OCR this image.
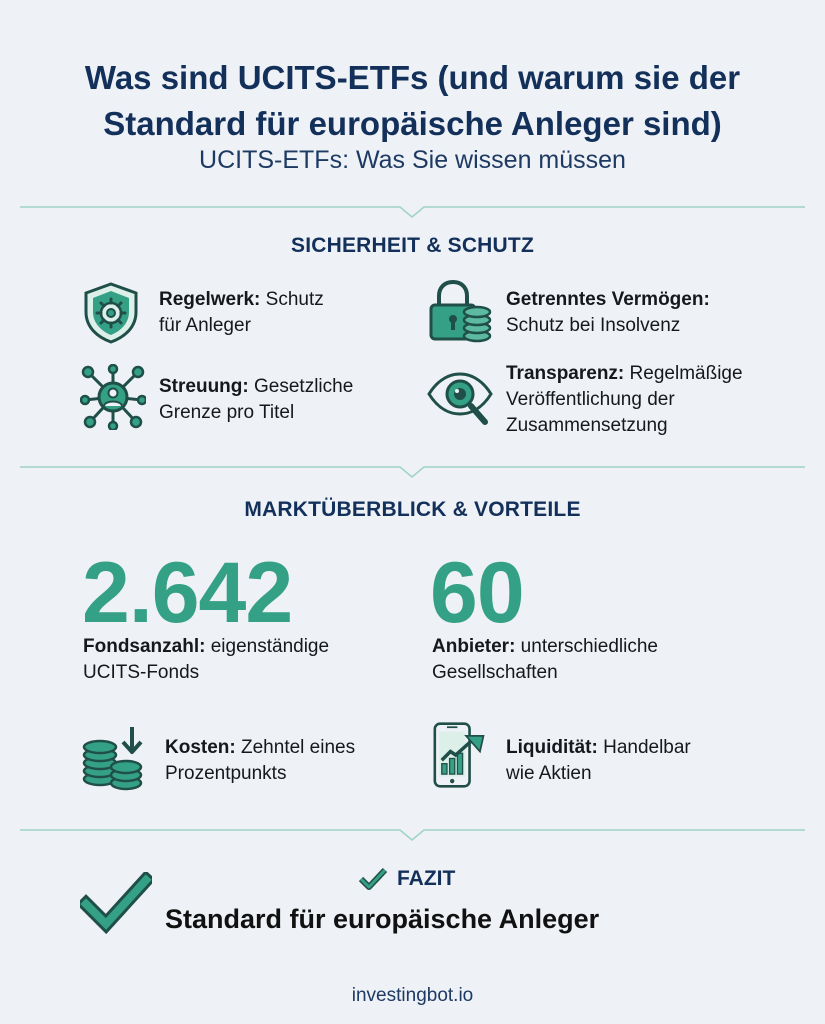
Was sind UCITS-ETFs (und warum sie der
Standard für europäische Anleger sind)
UCITS-ETFs: Was Sie wissen müssen
SICHERHEIT & SCHUTZ
Regelwerk: Schutz
für Anleger
Getrenntes Vermögen:
Schutz bei Insolvenz
Streuung: Gesetzliche
Grenze pro Titel
Transparenz: Regelmäßige
Veröffentlichung der
Zusammensetzung
MARKTÜBERBLICK & VORTEILE
2.642
Fondsanzahl: eigenständige
UCITS-Fonds
60
Anbieter: unterschiedliche
Gesellschaften
Kosten: Zehntel eines
Prozentpunkts
Liquidität: Handelbar
wie Aktien
FAZIT
Standard für europäische Anleger
investingbot.io
